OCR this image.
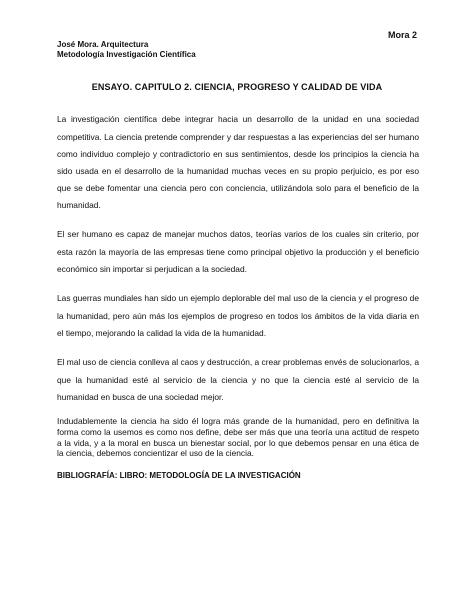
Mora 2
José Mora. Arquitectura
Metodología Investigación Científica
ENSAYO. CAPITULO 2. CIENCIA, PROGRESO Y CALIDAD DE VIDA

La investigación científica debe integrar hacia un desarrollo de la unidad en una sociedad competitiva. La ciencia pretende comprender y dar respuestas a las experiencias del ser humano como individuo complejo y contradictorio en sus sentimientos, desde los principios la ciencia ha sido usada en el desarrollo de la humanidad muchas veces en su propio perjuicio, es por eso que se debe fomentar una ciencia pero con conciencia, utilizándola solo para el beneficio de la humanidad.

El ser humano es capaz de manejar muchos datos, teorías varios de los cuales sin criterio, por esta razón la mayoría de las empresas tiene como principal objetivo la producción y el beneficio económico sin importar si perjudican a la sociedad.

Las guerras mundiales han sido un ejemplo deplorable del mal uso de la ciencia y el progreso de la humanidad, pero aún más los ejemplos de progreso en todos los ámbitos de la vida diaria en el tiempo, mejorando la calidad la vida de la humanidad.

El mal uso de ciencia conlleva al caos y destrucción, a crear problemas envés de solucionarlos, a que la humanidad esté al servicio de la ciencia y no que la ciencia esté al servicio de la humanidad en busca de una sociedad mejor.

Indudablemente la ciencia ha sido él logra más grande de la humanidad, pero en definitiva la forma como la usemos es como nos define, debe ser más que una teoría una actitud de respeto a la vida, y a la moral en busca un bienestar social, por lo que debemos pensar en una ética de la ciencia, debemos concientizar el uso de la ciencia.

BIBLIOGRAFÍA: LIBRO: METODOLOGÍA DE LA INVESTIGACIÓN
